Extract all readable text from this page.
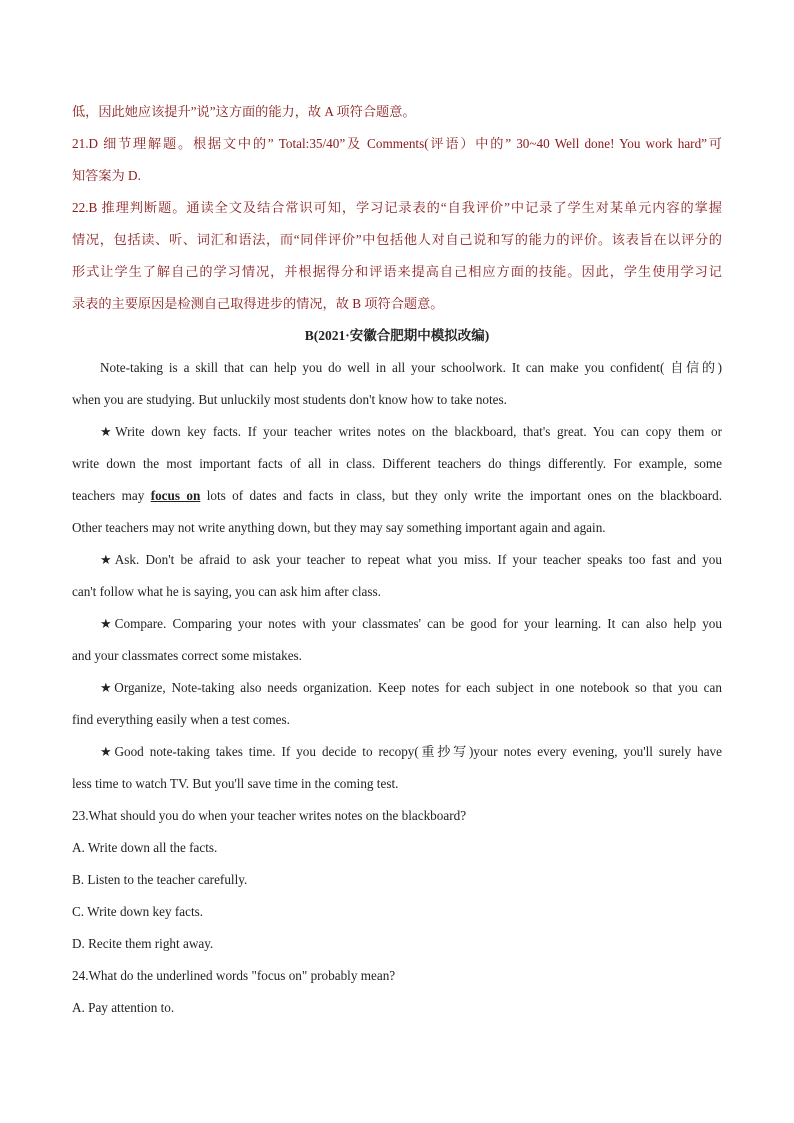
低，因此她应该提升”说”这方面的能力，故 A 项符合题意。

21.D 细节理解题。根据文中的” Total:35/40”及 Comments(评语）中的” 30~40 Well done! You work hard”可

知答案为 D.

22.B 推理判断题。通读全文及结合常识可知，学习记录表的“自我评价”中记录了学生对某单元内容的掌握

情况，包括读、听、词汇和语法，而“同伴评价”中包括他人对自己说和写的能力的评价。该表旨在以评分的

形式让学生了解自己的学习情况，并根据得分和评语来提高自己相应方面的技能。因此，学生使用学习记

录表的主要原因是检测自己取得进步的情况，故 B 项符合题意。

B(2021·安徽合肥期中模拟改编)

Note-taking is a skill that can help you do well in all your schoolwork. It can make you confident( 自信的)

when you are studying. But unluckily most students don't know how to take notes.

★Write down key facts. If your teacher writes notes on the blackboard, that's great. You can copy them or

write down the most important facts of all in class. Different teachers do things differently. For example, some

teachers may focus on lots of dates and facts in class, but they only write the important ones on the blackboard.

Other teachers may not write anything down, but they may say something important again and again.

★Ask. Don't be afraid to ask your teacher to repeat what you miss. If your teacher speaks too fast and you

can't follow what he is saying, you can ask him after class.

★Compare. Comparing your notes with your classmates' can be good for your learning. It can also help you

and your classmates correct some mistakes.

★Organize, Note-taking also needs organization. Keep notes for each subject in one notebook so that you can

find everything easily when a test comes.

★Good note-taking takes time. If you decide to recopy(重抄写)your notes every evening, you'll surely have

less time to watch TV. But you'll save time in the coming test.

23.What should you do when your teacher writes notes on the blackboard?

A. Write down all the facts.

B. Listen to the teacher carefully.

C. Write down key facts.

D. Recite them right away.

24.What do the underlined words "focus on" probably mean?

A. Pay attention to.
